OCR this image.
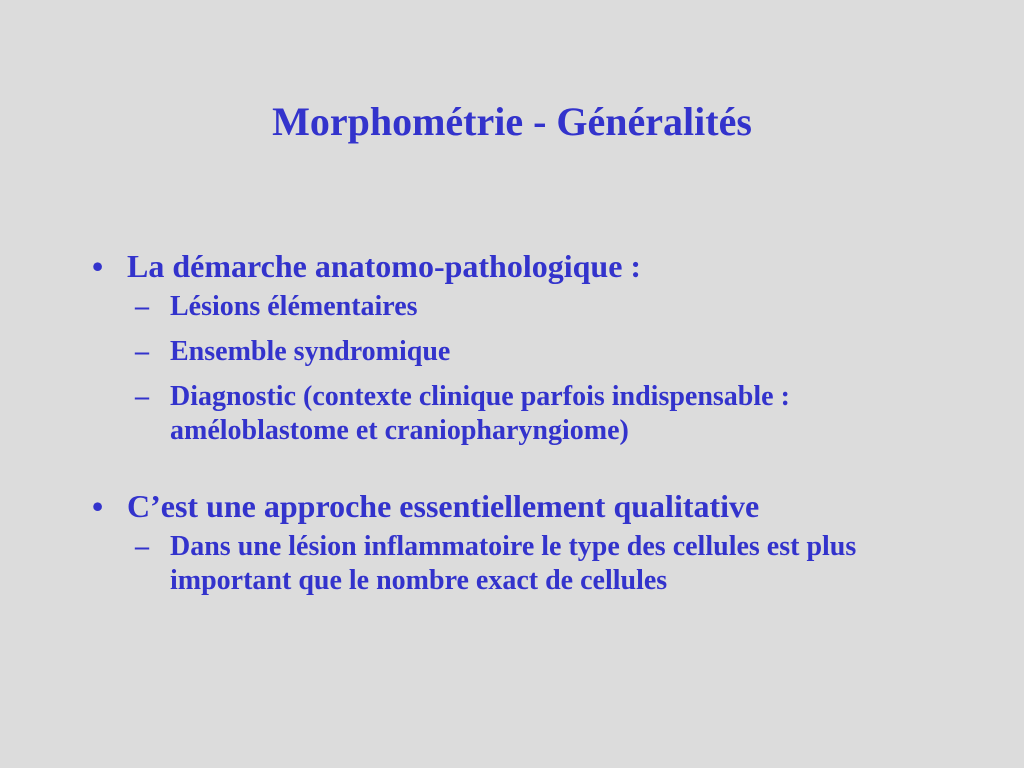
Morphométrie - Généralités
• La démarche anatomo-pathologique :
– Lésions élémentaires
– Ensemble syndromique
– Diagnostic (contexte clinique parfois indispensable : améloblastome et craniopharyngiome)
• C’est une approche essentiellement qualitative
– Dans une lésion inflammatoire le type des cellules est plus important que le nombre exact de cellules
